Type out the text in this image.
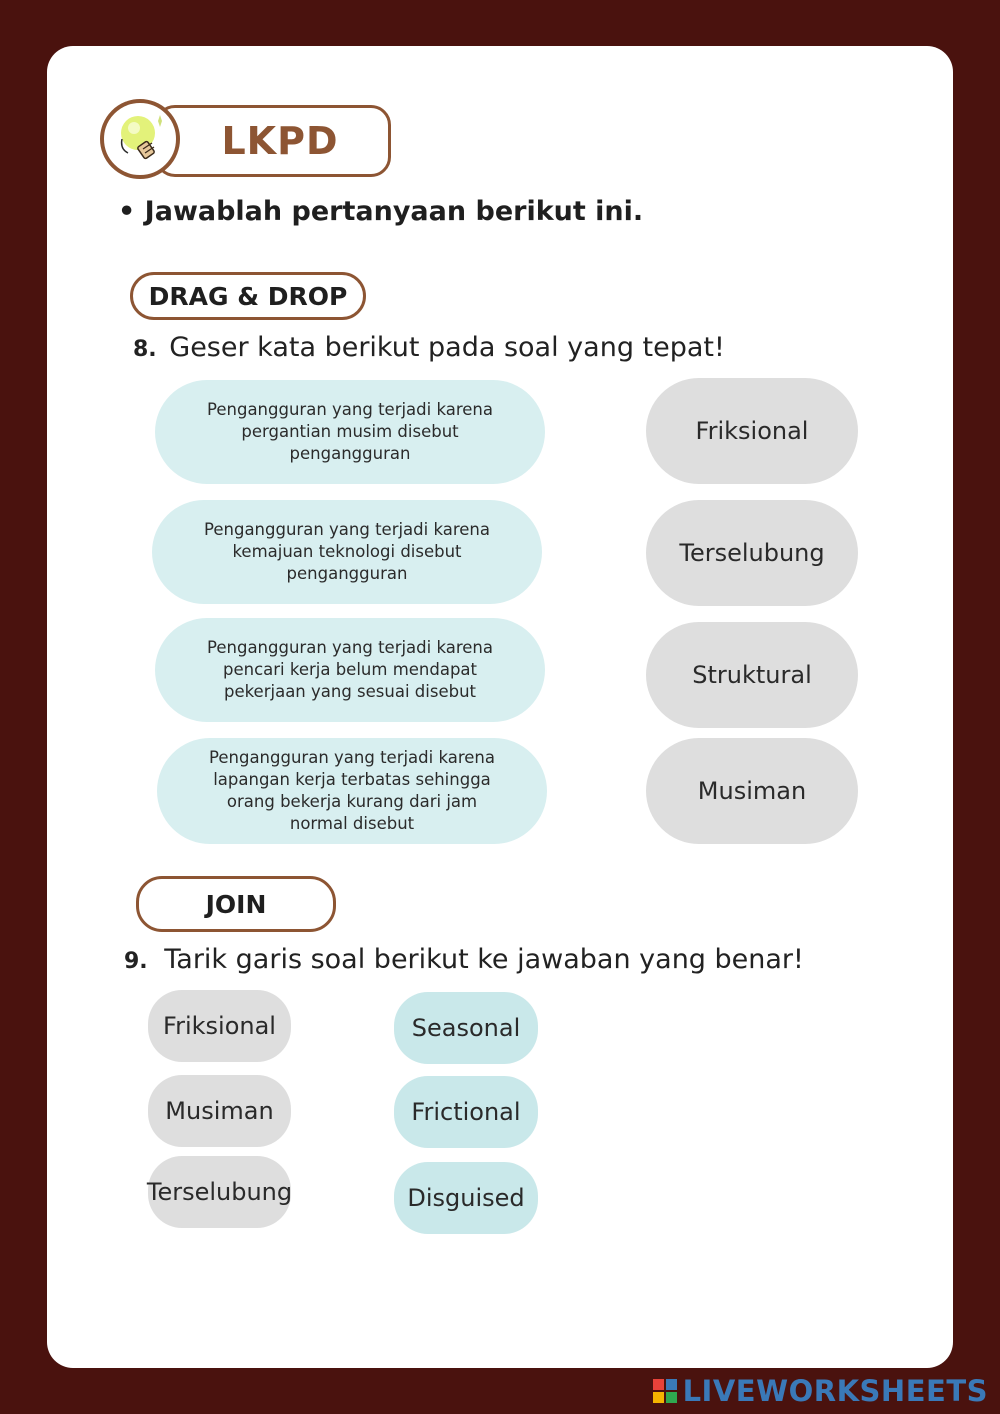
LKPD
• Jawablah pertanyaan berikut ini.
DRAG & DROP
8. Geser kata berikut pada soal yang tepat!
Pengangguran yang terjadi karena pergantian musim disebut pengangguran
Pengangguran yang terjadi karena kemajuan teknologi disebut pengangguran
Pengangguran yang terjadi karena pencari kerja belum mendapat pekerjaan yang sesuai disebut
Pengangguran yang terjadi karena lapangan kerja terbatas sehingga orang bekerja kurang dari jam normal disebut
Friksional
Terselubung
Struktural
Musiman
JOIN
9. Tarik garis soal berikut ke jawaban yang benar!
Friksional
Musiman
Terselubung
Seasonal
Frictional
Disguised
LIVEWORKSHEETS
